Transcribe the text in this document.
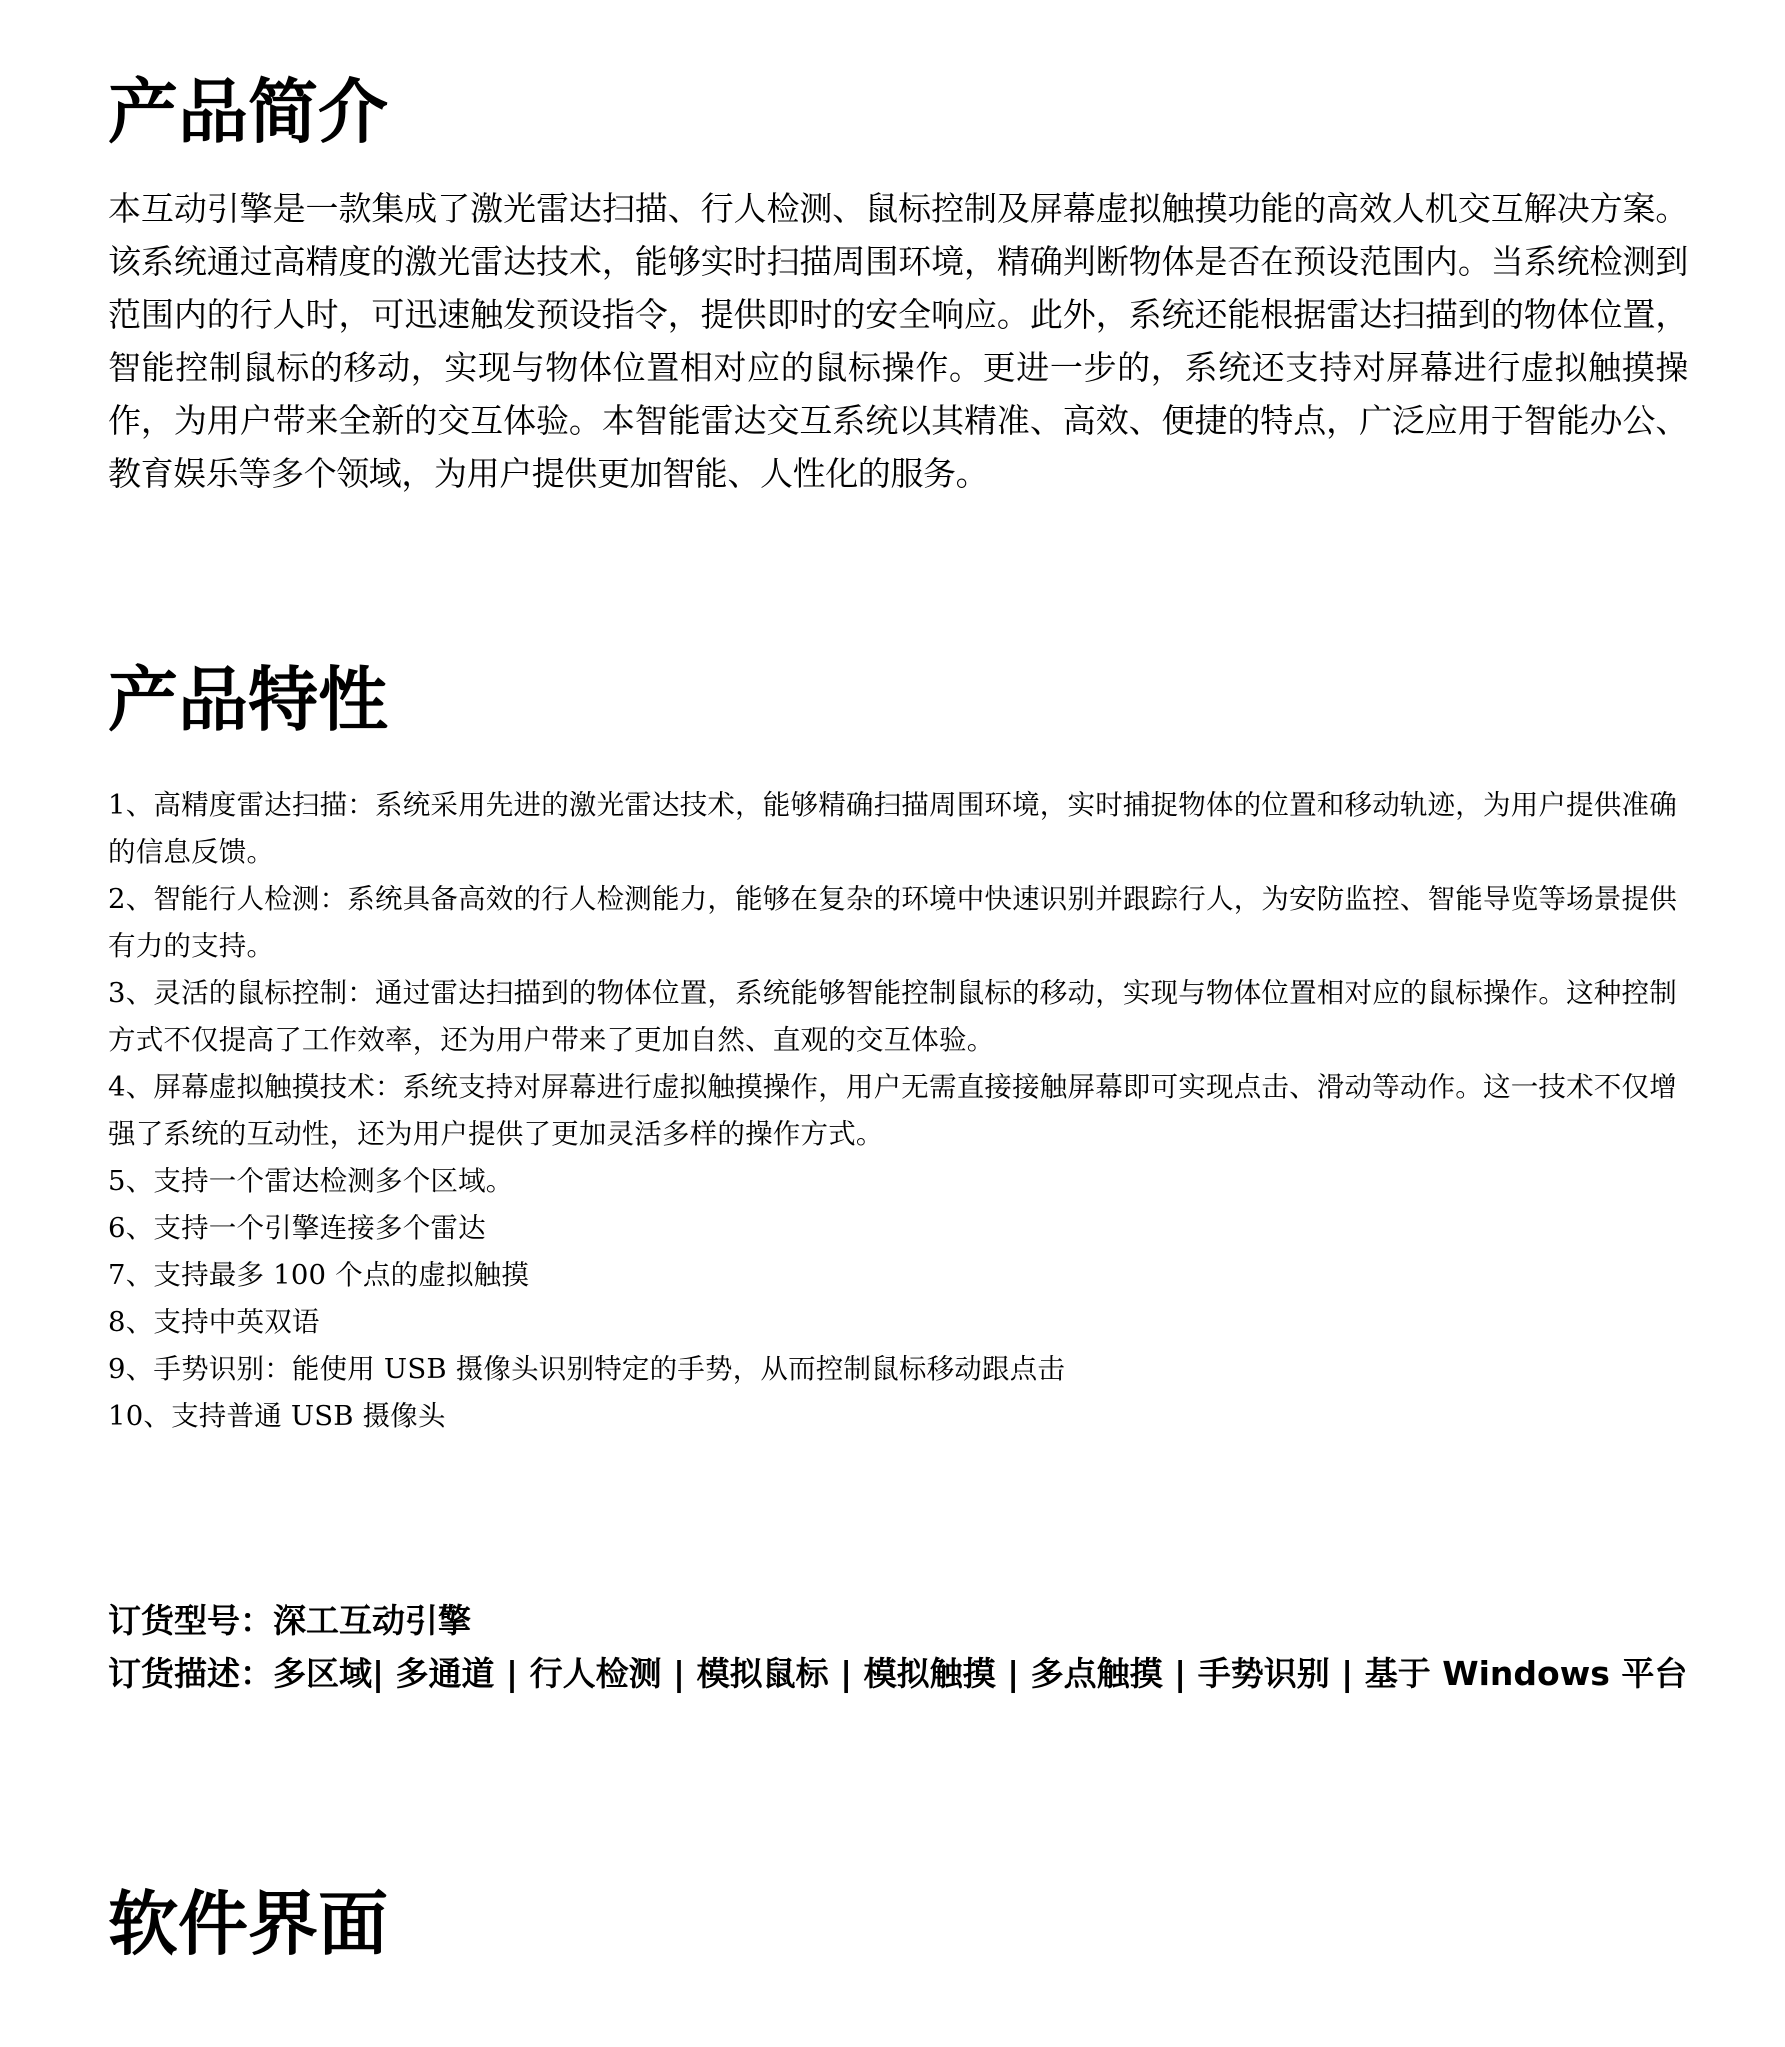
产品简介

本互动引擎是一款集成了激光雷达扫描、行人检测、鼠标控制及屏幕虚拟触摸功能的高效人机交互解决方案。该系统通过高精度的激光雷达技术，能够实时扫描周围环境，精确判断物体是否在预设范围内。当系统检测到范围内的行人时，可迅速触发预设指令，提供即时的安全响应。此外，系统还能根据雷达扫描到的物体位置，智能控制鼠标的移动，实现与物体位置相对应的鼠标操作。更进一步的，系统还支持对屏幕进行虚拟触摸操作，为用户带来全新的交互体验。本智能雷达交互系统以其精准、高效、便捷的特点，广泛应用于智能办公、教育娱乐等多个领域，为用户提供更加智能、人性化的服务。

产品特性
1、高精度雷达扫描：系统采用先进的激光雷达技术，能够精确扫描周围环境，实时捕捉物体的位置和移动轨迹，为用户提供准确的信息反馈。
2、智能行人检测：系统具备高效的行人检测能力，能够在复杂的环境中快速识别并跟踪行人，为安防监控、智能导览等场景提供有力的支持。
3、灵活的鼠标控制：通过雷达扫描到的物体位置，系统能够智能控制鼠标的移动，实现与物体位置相对应的鼠标操作。这种控制方式不仅提高了工作效率，还为用户带来了更加自然、直观的交互体验。
4、屏幕虚拟触摸技术：系统支持对屏幕进行虚拟触摸操作，用户无需直接接触屏幕即可实现点击、滑动等动作。这一技术不仅增强了系统的互动性，还为用户提供了更加灵活多样的操作方式。
5、支持一个雷达检测多个区域。
6、支持一个引擎连接多个雷达
7、支持最多 100 个点的虚拟触摸
8、支持中英双语
9、手势识别：能使用 USB 摄像头识别特定的手势，从而控制鼠标移动跟点击
10、支持普通 USB 摄像头

订货型号：深工互动引擎

订货描述：多区域| 多通道 | 行人检测 | 模拟鼠标 | 模拟触摸 | 多点触摸 | 手势识别 | 基于 Windows 平台

软件界面
